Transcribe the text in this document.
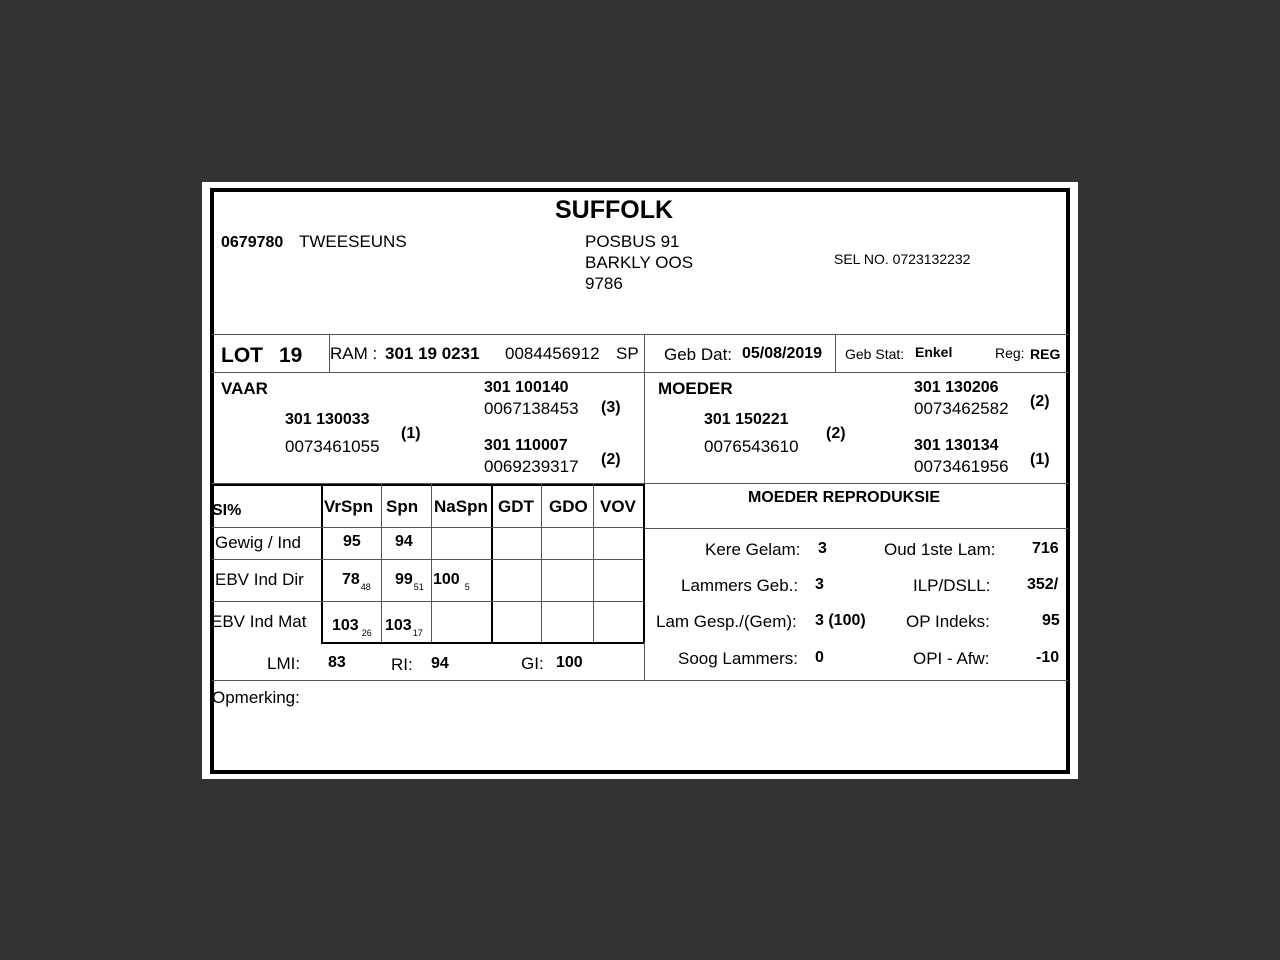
SUFFOLK
0679780 TWEESEUNS	POSBUS 91
BARKLY OOS
9786
SEL NO. 0723132232
LOT 19 RAM : 301 19 0231 0084456912 SP Geb Dat: 05/08/2019 Geb Stat: Enkel	Reg: REG
VAAR
301 130033
0073461055
(1)
301 100140
0067138453 (3)
301 110007
0069239317 (2)
MOEDER
301 150221
0076543610
(2)
301 130206
0073462582 (2)
301 130134
0073461956 (1)
SI%	VrSpn Spn NaSpn GDT GDO VOV
Gewig / Ind	95 94
EBV Ind Dir $78_{48}$ $99_{51}$ 100 $_5$
EBV Ind Mat 103 $_{26}$ $103_{17}$
LMI: 83	RI: 94	GI: 100
MOEDER REPRODUKSIE
Kere Gelam: 3	Oud 1ste Lam: 716
Lammers Geb.: 3	ILP/DSLL: 352/
Lam Gesp./(Gem): 3 (100) OP Indeks:	95
Soog Lammers: 0	OPI - Afw:	-10
Opmerking:
